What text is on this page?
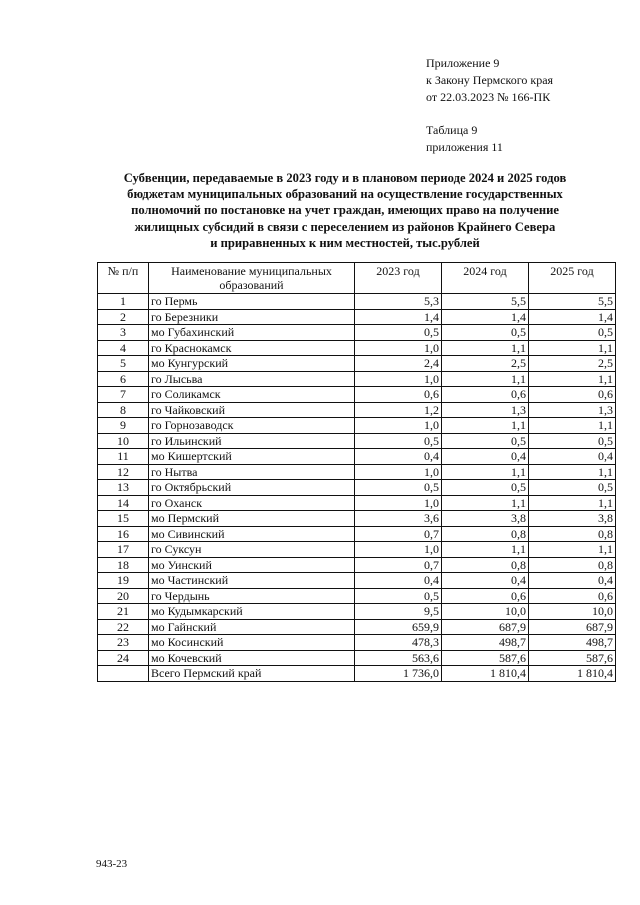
Приложение 9
к Закону Пермского края
от 22.03.2023 № 166-ПК
Таблица 9
приложения 11
Субвенции, передаваемые в 2023 году и в плановом периоде 2024 и 2025 годов
бюджетам муниципальных образований на осуществление государственных
полномочий по постановке на учет граждан, имеющих право на получение
жилищных субсидий в связи с переселением из районов Крайнего Севера
и приравненных к ним местностей, тыс.рублей
№ п/п	Наименование муниципальных образований	2023 год	2024 год	2025 год
1	го Пермь	5,3	5,5	5,5
2	го Березники	1,4	1,4	1,4
3	мо Губахинский	0,5	0,5	0,5
4	го Краснокамск	1,0	1,1	1,1
5	мо Кунгурский	2,4	2,5	2,5
6	го Лысьва	1,0	1,1	1,1
7	го Соликамск	0,6	0,6	0,6
8	го Чайковский	1,2	1,3	1,3
9	го Горнозаводск	1,0	1,1	1,1
10	го Ильинский	0,5	0,5	0,5
11	мо Кишертский	0,4	0,4	0,4
12	го Нытва	1,0	1,1	1,1
13	го Октябрьский	0,5	0,5	0,5
14	го Оханск	1,0	1,1	1,1
15	мо Пермский	3,6	3,8	3,8
16	мо Сивинский	0,7	0,8	0,8
17	го Суксун	1,0	1,1	1,1
18	мо Уинский	0,7	0,8	0,8
19	мо Частинский	0,4	0,4	0,4
20	го Чердынь	0,5	0,6	0,6
21	мо Кудымкарский	9,5	10,0	10,0
22	мо Гайнский	659,9	687,9	687,9
23	мо Косинский	478,3	498,7	498,7
24	мо Кочевский	563,6	587,6	587,6
	Всего Пермский край	1 736,0	1 810,4	1 810,4
943-23
